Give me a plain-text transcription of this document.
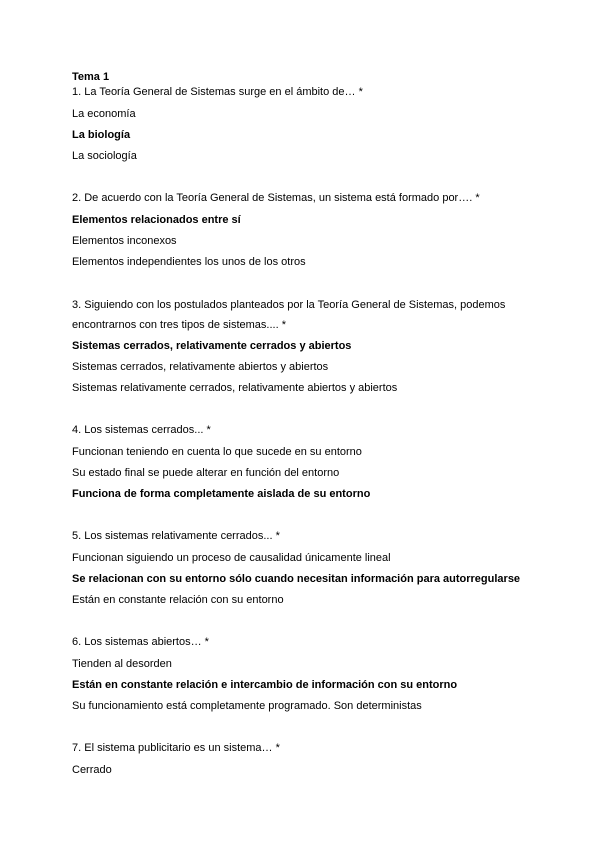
Tema 1
1. La Teoría General de Sistemas surge en el ámbito de… *
La economía
La biología
La sociología
2. De acuerdo con la Teoría General de Sistemas, un sistema está formado por…. *
Elementos relacionados entre sí
Elementos inconexos
Elementos independientes los unos de los otros
3. Siguiendo con los postulados planteados por la Teoría General de Sistemas, podemos encontrarnos con tres tipos de sistemas.... *
Sistemas cerrados, relativamente cerrados y abiertos
Sistemas cerrados, relativamente abiertos y abiertos
Sistemas relativamente cerrados, relativamente abiertos y abiertos
4. Los sistemas cerrados... *
Funcionan teniendo en cuenta lo que sucede en su entorno
Su estado final se puede alterar en función del entorno
Funciona de forma completamente aislada de su entorno
5. Los sistemas relativamente cerrados... *
Funcionan siguiendo un proceso de causalidad únicamente lineal
Se relacionan con su entorno sólo cuando necesitan información para autorregularse
Están en constante relación con su entorno
6. Los sistemas abiertos… *
Tienden al desorden
Están en constante relación e intercambio de información con su entorno
Su funcionamiento está completamente programado. Son deterministas
7. El sistema publicitario es un sistema… *
Cerrado
